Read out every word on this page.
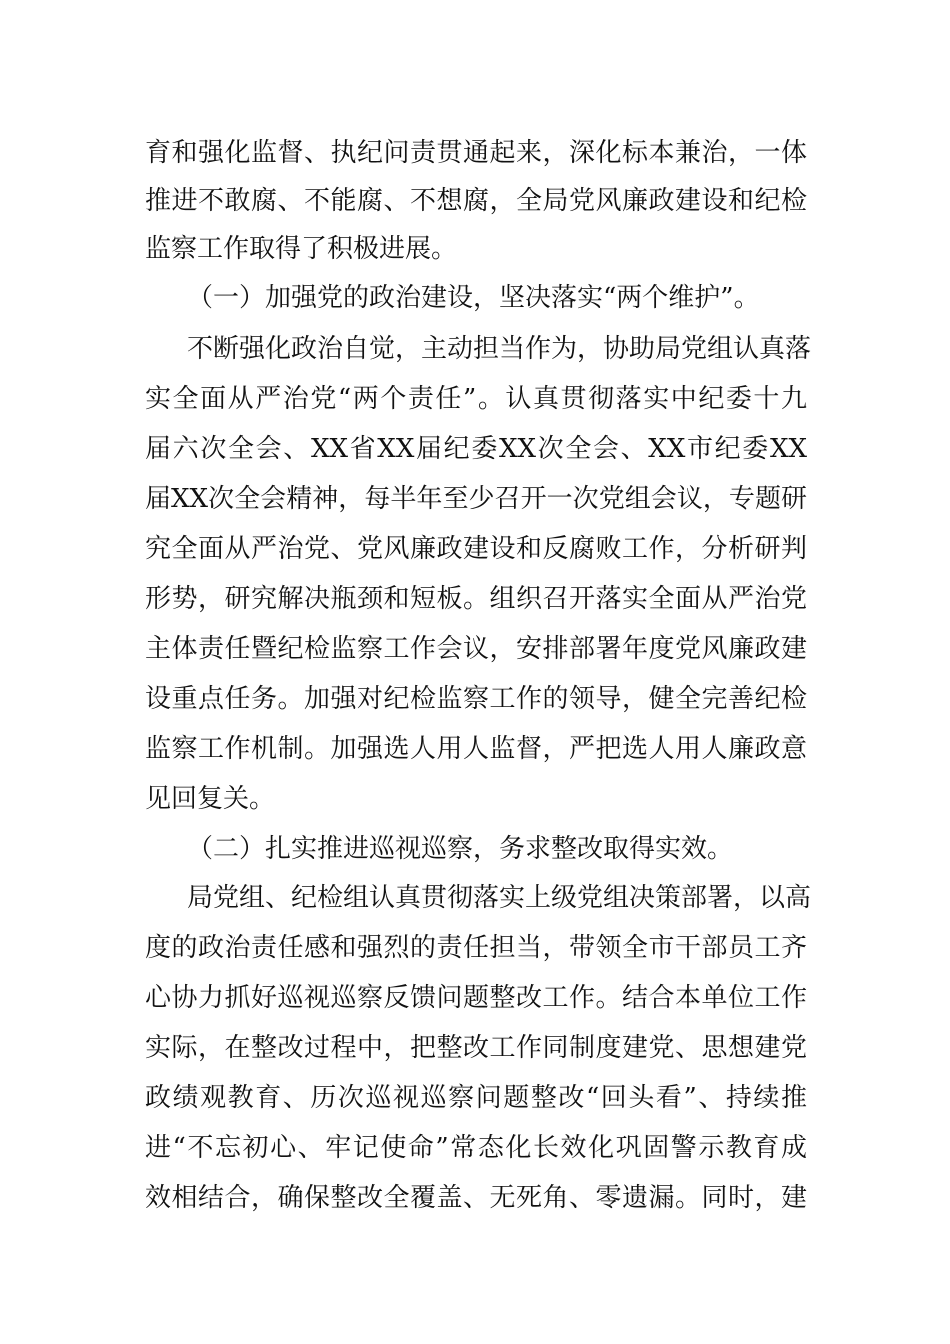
育和强化监督、执纪问责贯通起来，深化标本兼治，一体
推进不敢腐、不能腐、不想腐，全局党风廉政建设和纪检
监察工作取得了积极进展。
（一）加强党的政治建设，坚决落实“两个维护”。
不断强化政治自觉，主动担当作为，协助局党组认真落
实全面从严治党“两个责任”。认真贯彻落实中纪委十九
届六次全会、XX省XX届纪委XX次全会、XX市纪委XX
届XX次全会精神，每半年至少召开一次党组会议，专题研
究全面从严治党、党风廉政建设和反腐败工作，分析研判
形势，研究解决瓶颈和短板。组织召开落实全面从严治党
主体责任暨纪检监察工作会议，安排部署年度党风廉政建
设重点任务。加强对纪检监察工作的领导，健全完善纪检
监察工作机制。加强选人用人监督，严把选人用人廉政意
见回复关。
（二）扎实推进巡视巡察，务求整改取得实效。
局党组、纪检组认真贯彻落实上级党组决策部署，以高
度的政治责任感和强烈的责任担当，带领全市干部员工齐
心协力抓好巡视巡察反馈问题整改工作。结合本单位工作
实际，在整改过程中，把整改工作同制度建党、思想建党
政绩观教育、历次巡视巡察问题整改“回头看”、持续推
进“不忘初心、牢记使命”常态化长效化巩固警示教育成
效相结合，确保整改全覆盖、无死角、零遗漏。同时，建
